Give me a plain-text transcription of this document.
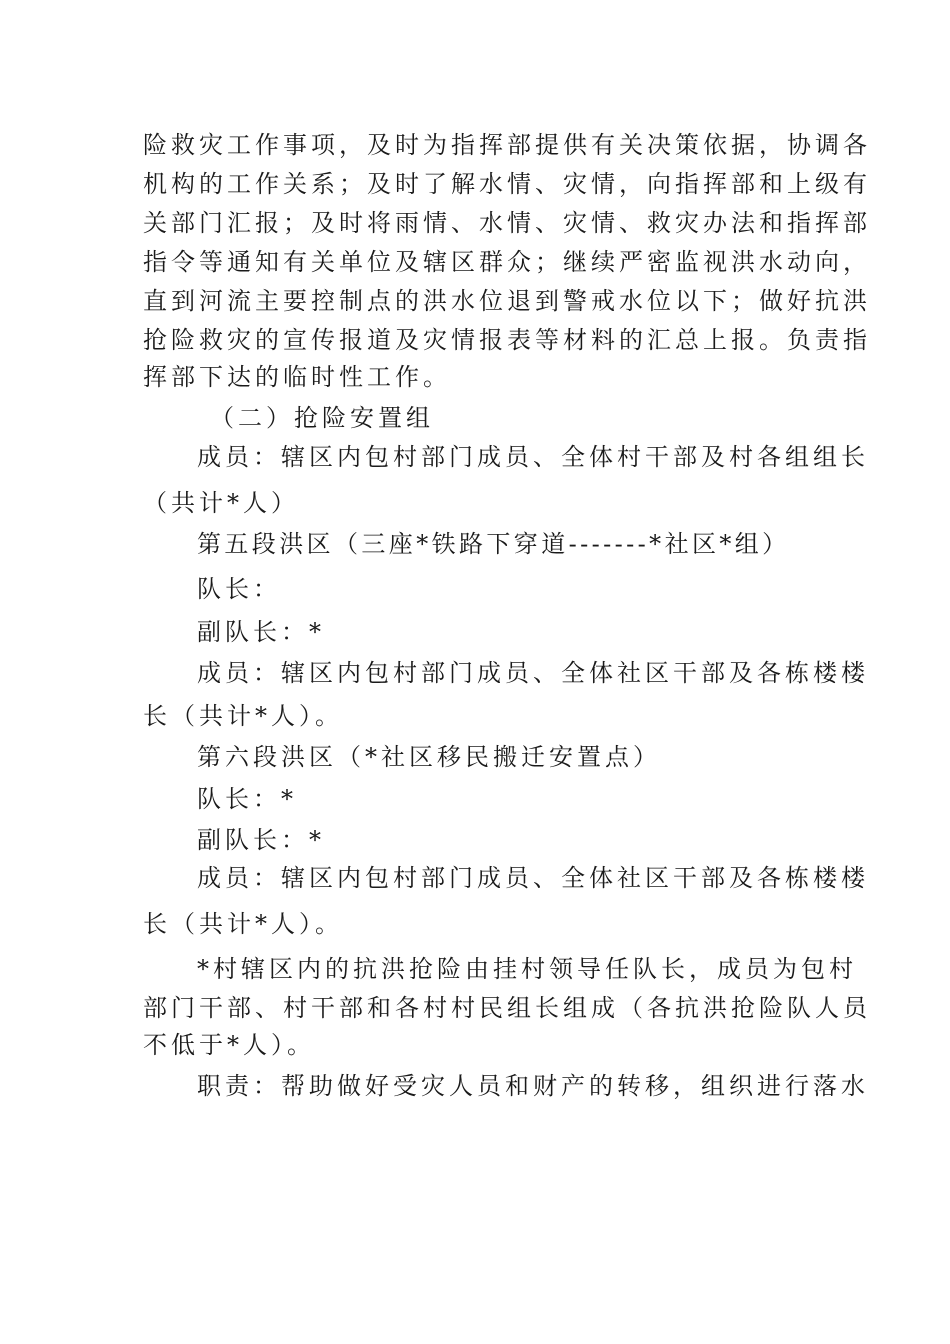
险救灾工作事项，及时为指挥部提供有关决策依据，协调各
机构的工作关系；及时了解水情、灾情，向指挥部和上级有
关部门汇报；及时将雨情、水情、灾情、救灾办法和指挥部
指令等通知有关单位及辖区群众；继续严密监视洪水动向，
直到河流主要控制点的洪水位退到警戒水位以下；做好抗洪
抢险救灾的宣传报道及灾情报表等材料的汇总上报。负责指
挥部下达的临时性工作。
（二）抢险安置组
成员：辖区内包村部门成员、全体村干部及村各组组长
（共计*人）
第五段洪区（三座*铁路下穿道-------*社区*组）
队长：
副队长：*
成员：辖区内包村部门成员、全体社区干部及各栋楼楼
长（共计*人）。
第六段洪区（*社区移民搬迁安置点）
队长：*
副队长：*
成员：辖区内包村部门成员、全体社区干部及各栋楼楼
长（共计*人）。
*村辖区内的抗洪抢险由挂村领导任队长，成员为包村
部门干部、村干部和各村村民组长组成（各抗洪抢险队人员
不低于*人）。
职责：帮助做好受灾人员和财产的转移，组织进行落水
